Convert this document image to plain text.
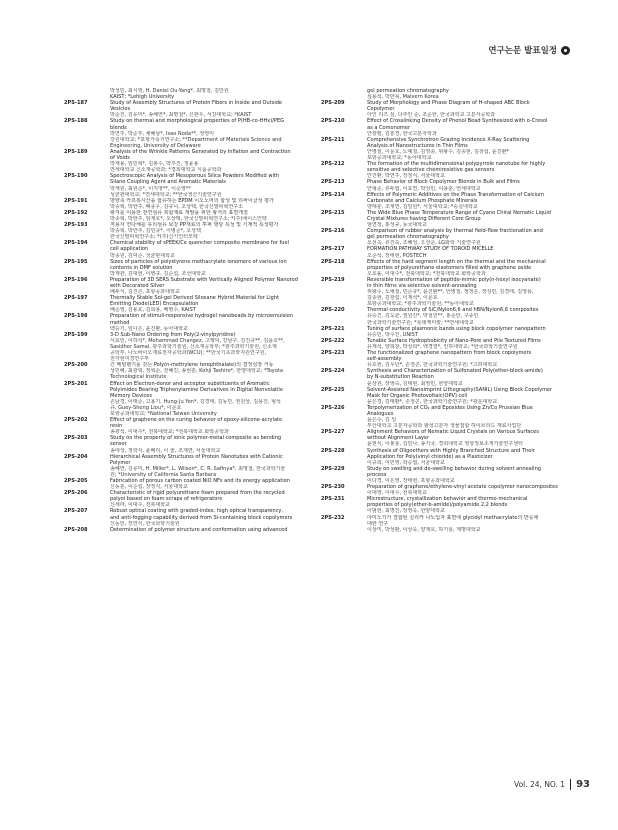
연구논문 발표일정
박성민, 최시영, H. Daniel Ou-Yang*, 최명철, 김만원
KAIST; *Lehigh University
2PS-187	Study of Assembly Structures of Protein Fibers in Inside and Outside
Vesicles
박순진, 김유미*, 송혜연*, 최명철*, 신관우, 서강대학교; *KAIST
2PS-188	Study on thermal and morphological properties of P(HB-co-HHx)/PEG
blends
박연주, 박준후, 채혜남*, Isao Noda**, 정영미
강원대학교; *포항가속기연구소; **Department of Materials Science and
Engineering, University of Delaware
2PS-189	Analysis of the Wrinkle Patterns Generated by Inflation and Contraction
of Voids
박재용, 임민혁*, 김봉수, 박후진, 정윤용
연세대학교 신소재공학과; *경희대학교 식품공학과
2PS-190	Spectroscopic Analysis of Mesoporous Silica Powders Modified with
Silane Coupling Agent and Aromatic Materials
박재원, 최원준*, 이지영**, 이준영**
성균관대학교; *연세대학교; **한국생산기술연구원
2PS-191	방향족 카르복시산을 함유하는 EPDM 이오노머의 합성 및 리싸이클성 평가
박종혁, 박한주, 배종우, 김규니, 오상택, 한국신발피혁연구소
2PS-192	왕겨를 이용한 천연섬유 복합재료 개발을 위한 왕겨의 표면개질
박종혁, 박한주, 임재호*, 오상택, 한국신발피혁연구소; *(주)에이스인텍
2PS-193	저용자 연다체를 유리섬유 보강 PP재료의 투퍼 탱탕 특성 및 기계적 특성평가
박종혁, 박한주, 김민규*, 이병준*, 오상택
한국신발피혁연구소; *(주)신기인터모텍
2PS-194	Chemical stability of sPEEK/Ce quencher composite membrane for fuel
cell application
박종원, 김덕준, 성균관대학교
2PS-195	Sizes of particles of polystyrene methacrylate ionomers of various ion
contents in DMF solution
박재관, 김대현, 이병규, 김준섭, 조선대학교
2PS-196	Preparation of 3D SERS Substrate with Vertically Aligned Polymer Nanorod
with Decorated Silver
배두식, 김진곤, 포항공과대학교
2PS-197	Thermally Stable Sol-gel Derived Siloxane Hybrid Material for Light
Emitting Diode(LED) Encapsulation
배준영, 김용호, 김희용, 배병수, KAIST
2PS-198	Preparation of stimuli-responsive hydrogel nanobeads by microemulsion
method
백승기, 임디은, 윤진환, 동아대학교
2PS-199	3-D Sub-Nano Ordering from Poly(2-vinylpyridine)
서효민, 이하석*, Mohammad Changez, 고행덕, 강남구, 김진규**, 김윤호**,
Sasidher Samal, 광주과학기술원, 신소재공학부; *광주과학기술원, 신소재
공학부, 나노바이오재료전자공학과(WCU); **한국기초과학지원연구원,
전자현미경연구부
2PS-200	긴 메틸렌기를 갖는 Poly(n-methylene terephthalate)의 결정성장 거동
성민혜, 최광혁, 정혁순, 전혜진, 송현훈, Kohji Tashiro*, 한양대학교; *Toyota
Technological Institute
2PS-201	Effect on Electron-donor and acceptor substituents of Aromatic
Polyimides Bearing Triphenylamine Derivatives in Digital Nonvolatile
Memory Devices
손남경, 이태준, 고용기, Hung-Ju Yen*, 김경태, 김동민, 권원상, 김용진, 형석
규, Guey-Sheng Liou*, 이문호
포항공과대학교; *National Taiwan University
2PS-202	Effect of graphene on the curing behavior of epoxy-silicone-acrylate
resin
송광석, 이대수*, 전북대학교; *전북대학교 화학공학과
2PS-203	Study on the property of ionic polymer-metal composite as bending
sensor
송대성, 정학식, 윤배리, 이 술, 조재연, 서울대학교
2PS-204	Hierarchical Assembly Structures of Protein Nanotubes with Cationic
Polymer
송혜연, 김유미, H. Miller*, L. Wilson*, C. R. Safinya*, 최명철, 한국과학기술
원; *University of California Santa Barbara
2PS-205	Fabrication of porous carbon coated NiO NFs and its energy application
신동훈, 이준섭, 장정식, 서울대학교
2PS-206	Characteristic of rigid polyurethane foam prepared from the recycled
polyol based on foam scraps of refrigerators
신세라, 이대수, 전북대학교
2PS-207	Robust optical coating with graded-index, high optical transparency,
and anti-fogging capability derived from Si-containing block copolymers
신동민, 장연식, 한국과학기술원
2PS-208	Determination of polymer structure and conformation using advanced
gel permeation chromatography
심용석, 박한묵, Malvern Korea
2PS-209	Study of Morphology and Phase Diagram of H-shaped ABC Block
Copolymer
아인 리즈 심, 다추안 순, 조준한, 한국과학교 고분자공학과
2PS-210	Effect of Crosslinking Density of Phenol Bead Synthesized with o-Cresol
as a Comonomer
안광렬, 김흥경, 한국고분자학과
2PS-211	Comprehensive Synchrotron Grazing Incidence X-Ray Scattering
Analysis of Nanostructures in Thin Films
안병철, 이문호, 노예철, 김영종, 위왕수, 김종현, 김창섭, 윤진환*
포항공과대학교; *동아대학교
2PS-212	The formation of the multidimensional polypyrrole nanotube for highly
sensitive and selective chemiresistive gas sensors
안진환, 박연주, 장정식, 서울대학교
2PS-213	Phase Behavior of Block Copolymer Blends in Bulk and Films
안형준, 류두엽, 이효연, 박성민, 이용훈, 연세대학교
2PS-214	Effects of Polymeric Additives on the Phase Transformation of Calcium
Carbonate and Calcium Phosphate Minerals
양태훈, 조재연, 김일원*, 서울대학교; *숭실대학교
2PS-215	The Wide Blue Phase Temperature Range of Cyano Chiral Nematic Liquid
Crystal Mixtures having Different Core Group
엄연정, 홍성규, 동국대학교
2PS-216	Comparison of rubber analysis by thermal field-flow fractionation and
gel permeation chromatography
오선옥, 류진숙, 조혜성, 오성준, LG화학 기술연구원
2PS-217	FORMATION PATHWAY STUDY OF TOROID MICELLE
오준석, 장태현, POSTECH
2PS-218	Effects of the hard segment length on the thermal and the mechanical
properties of polyurethane elastomers filled with graphene oxide
오호률, 이대수*, 전북대학교; *전북대학교 화학공학과
2PS-219	Reversible transformation of peptide-mimic poly(n-hexyl isocyanate)
in thin films via selective solvent-annealing
위왕수, 노예철, 민준규*, 윤진환**, 안병철, 정정운, 정성민, 김경태, 김영용,
김종현, 김창섭, 이재석*, 이문호
포항공과대학교; *광주과학기술원; **동아대학교
2PS-220	Thermal conductivity of SiC/Nylon6,6 and hBN/Nylon6,6 composites
유승건, 김도균, 권원진*, 박철민**, 홍순만, 구종민
한국과학기술연구원; *롯데케미칼; **연세대학교
2PS-221	Tuning of surface plasmonic bands using block copolymer nanopattern
유승민, 박수진, UNIST
2PS-222	Tunable Surface Hydrophobicity of Nano-Pore and Pile Textured Films
유재석, 양희창, 박상희*, 백경열*, 인하대학교; *한국과학기술연구원
2PS-223	The functionalized graphene nanopattern from block copolymers
self-assembly
유호현, 김우년*, 손정곤, 한국과학기술연구원; *고려대학교
2PS-224	Synthesis and Characterization of Sulfonated Poly(ether-block-amide)
by N-substitution Reaction
윤상원, 장영숙, 김태현, 최영민, 한양대학교
2PS-225	Solvent-Assisted Nanoimprint Lithography(SANIL) Using Block Copolymer
Mask for Organic Photovoltaic(OPV) cell
윤은경, 김태환*, 손정곤, 한국과학기술연구원; *광운대학교
2PS-226	Terpolymerization of CO₂ and Epoxides Using Zn/Co Prussian Blue
Analogues
윤은수, 김 일
부산대학교 고분자공학과 할성고분자 생물접합 하이브리드 재료사업단
2PS-227	Alignment Behaviors of Nematic Liquid Crystals on Various Surfaces
without Alignment Layer
윤현식, 이봉룡, 김민나, 송기국, 경희대학교 영상정보소재기술연구센터
2PS-228	Synthesis of Oligoethers with Highly Branched Structure and Their
Application for Poly(vinyl chloride) as a Plasticizer
이규희, 이민영, 곽승엽, 서울대학교
2PS-229	Study on swelling and de-swelling behavior during solvent annealing
process
이다경, 이은영, 장태현, 포항공과대학교
2PS-230	Preparation of graphene/ethylene-vinyl acetate copolymer nanocomposites
이대영, 이대수, 전북대학교
2PS-231	Microstructure, crystallization behavior and thermo-mechanical
properties of poly(ether-b-amide)/polyamide 2,2 blends
이범현, 최명진, 장영욱, 한양대학교
2PS-232	아미노기가 결합된 실리카 나노입자 표면에 glycidyl methacrylate의 반응에
대한 연구
이상미, 박성환, 이상욱, 양재호, 하기룡, 계명대학교
Vol. 24, NO. 1 93
